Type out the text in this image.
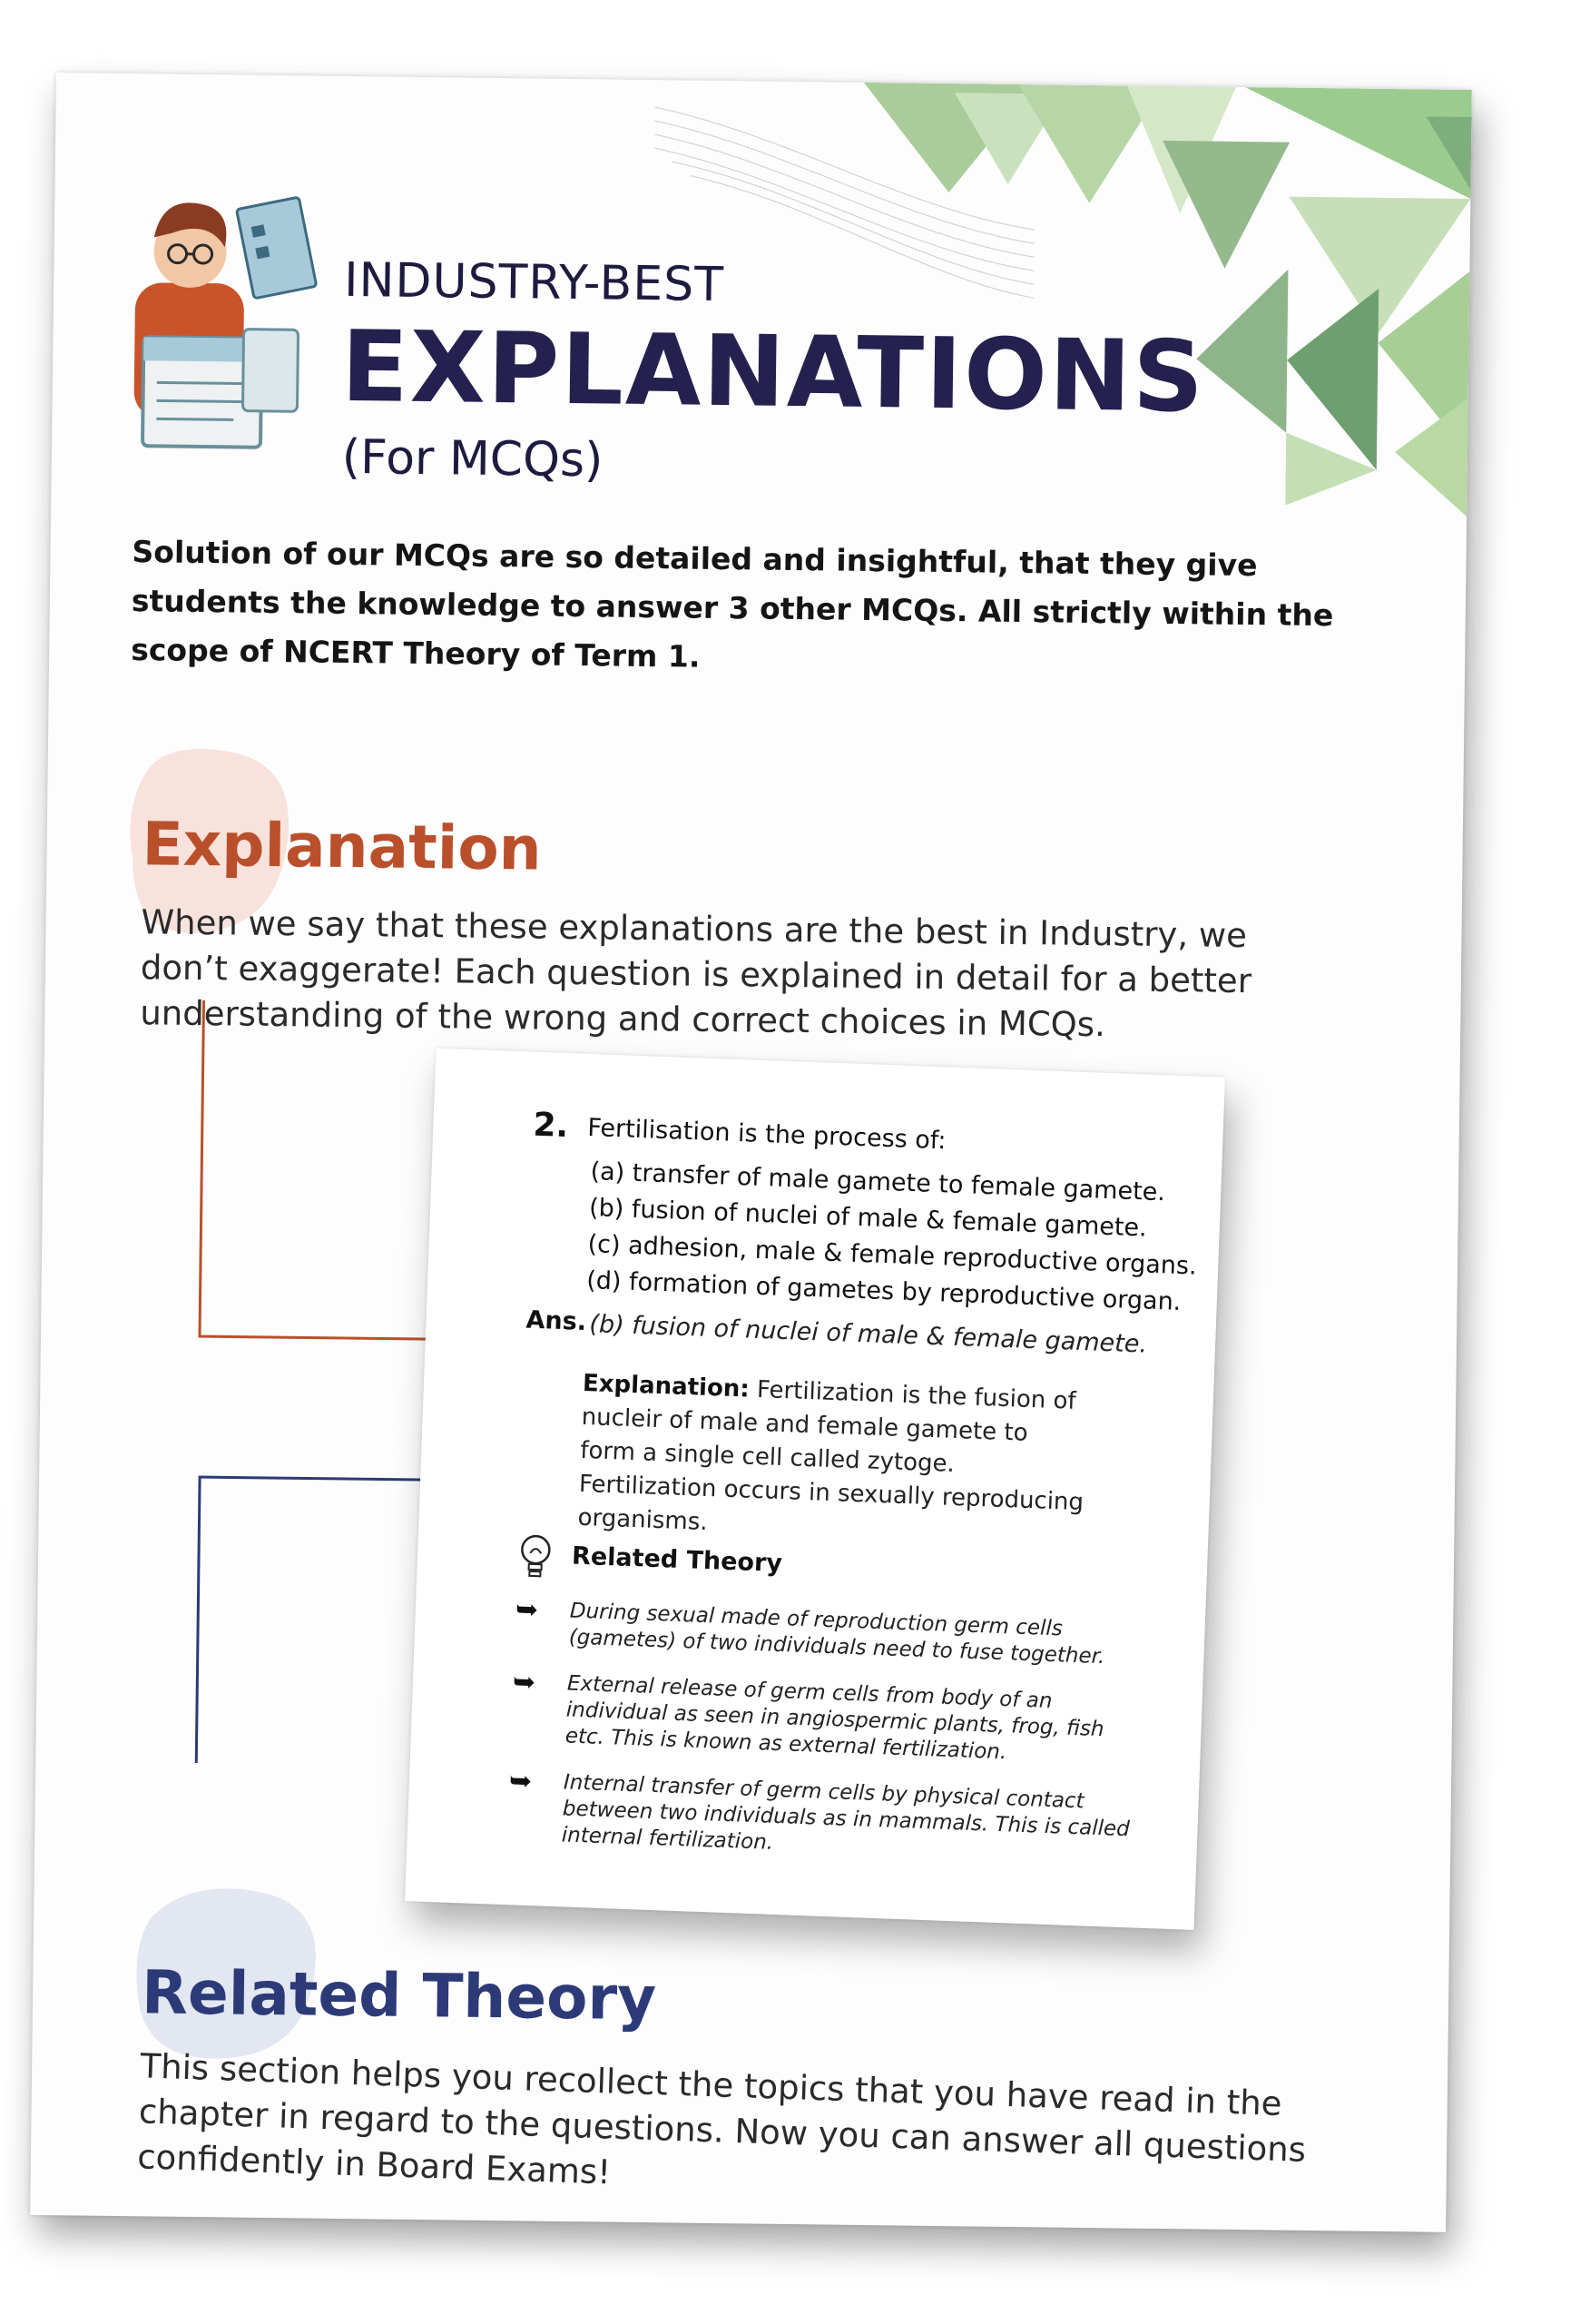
INDUSTRY-BEST
EXPLANATIONS
(For MCQs)
Solution of our MCQs are so detailed and insightful, that they give students the knowledge to answer 3 other MCQs. All strictly within the scope of NCERT Theory of Term 1.
Explanation
When we say that these explanations are the best in Industry, we don’t exaggerate! Each question is explained in detail for a better understanding of the wrong and correct choices in MCQs.
2. Fertilisation is the process of:
(a) transfer of male gamete to female gamete.
(b) fusion of nuclei of male & female gamete.
(c) adhesion, male & female reproductive organs.
(d) formation of gametes by reproductive organ.
Ans. (b) fusion of nuclei of male & female gamete.
Explanation: Fertilization is the fusion of nucleir of male and female gamete to form a single cell called zytoge. Fertilization occurs in sexually reproducing organisms.
Related Theory
➥ During sexual made of reproduction germ cells (gametes) of two individuals need to fuse together.
➥ External release of germ cells from body of an individual as seen in angiospermic plants, frog, fish etc. This is known as external fertilization.
➥ Internal transfer of germ cells by physical contact between two individuals as in mammals. This is called internal fertilization.
Related Theory
This section helps you recollect the topics that you have read in the chapter in regard to the questions. Now you can answer all questions confidently in Board Exams!
